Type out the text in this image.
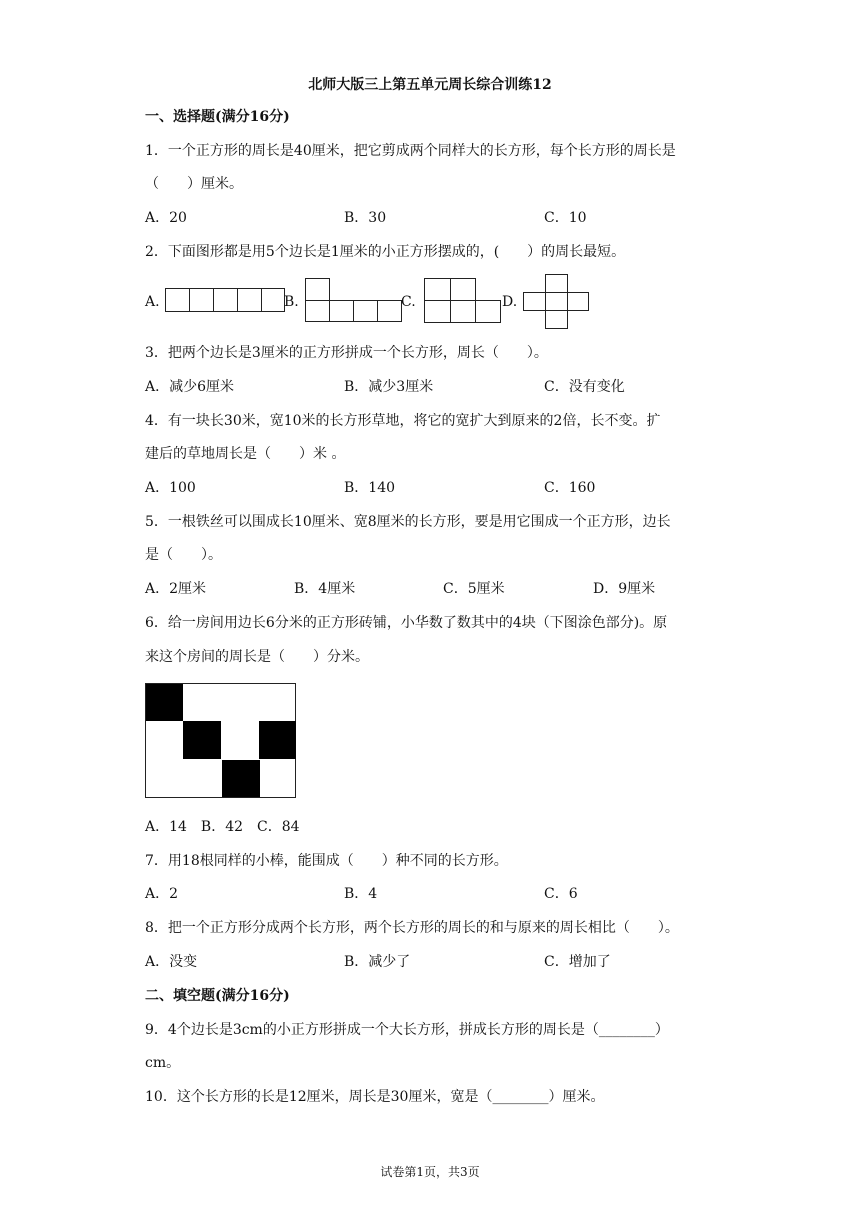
北师大版三上第五单元周长综合训练12
一、选择题(满分16分)
1．一个正方形的周长是40厘米，把它剪成两个同样大的长方形，每个长方形的周长是
（　　）厘米。
A．20	B．30	C．10
2．下面图形都是用5个边长是1厘米的小正方形摆成的，(　　）的周长最短。
A.	B.	C.	D.
3．把两个边长是3厘米的正方形拼成一个长方形，周长（　　）。
A．减少6厘米	B．减少3厘米	C．没有变化
4．有一块长30米，宽10米的长方形草地，将它的宽扩大到原来的2倍，长不变。扩
建后的草地周长是（　　）米 。
A．100	B．140	C．160
5．一根铁丝可以围成长10厘米、宽8厘米的长方形，要是用它围成一个正方形，边长
是（　　）。
A．2厘米	B．4厘米	C．5厘米	D．9厘米
6．给一房间用边长6分米的正方形砖铺，小华数了数其中的4块（下图涂色部分)。原
来这个房间的周长是（　　）分米。
A．14　B．42　C．84
7．用18根同样的小棒，能围成（　　）种不同的长方形。
A．2	B．4	C．6
8．把一个正方形分成两个长方形，两个长方形的周长的和与原来的周长相比（　　）。
A．没变	B．减少了	C．增加了
二、填空题(满分16分)
9．4个边长是3cm的小正方形拼成一个大长方形，拼成长方形的周长是（________）
cm。
10．这个长方形的长是12厘米，周长是30厘米，宽是（________）厘米。
试卷第1页，共3页
